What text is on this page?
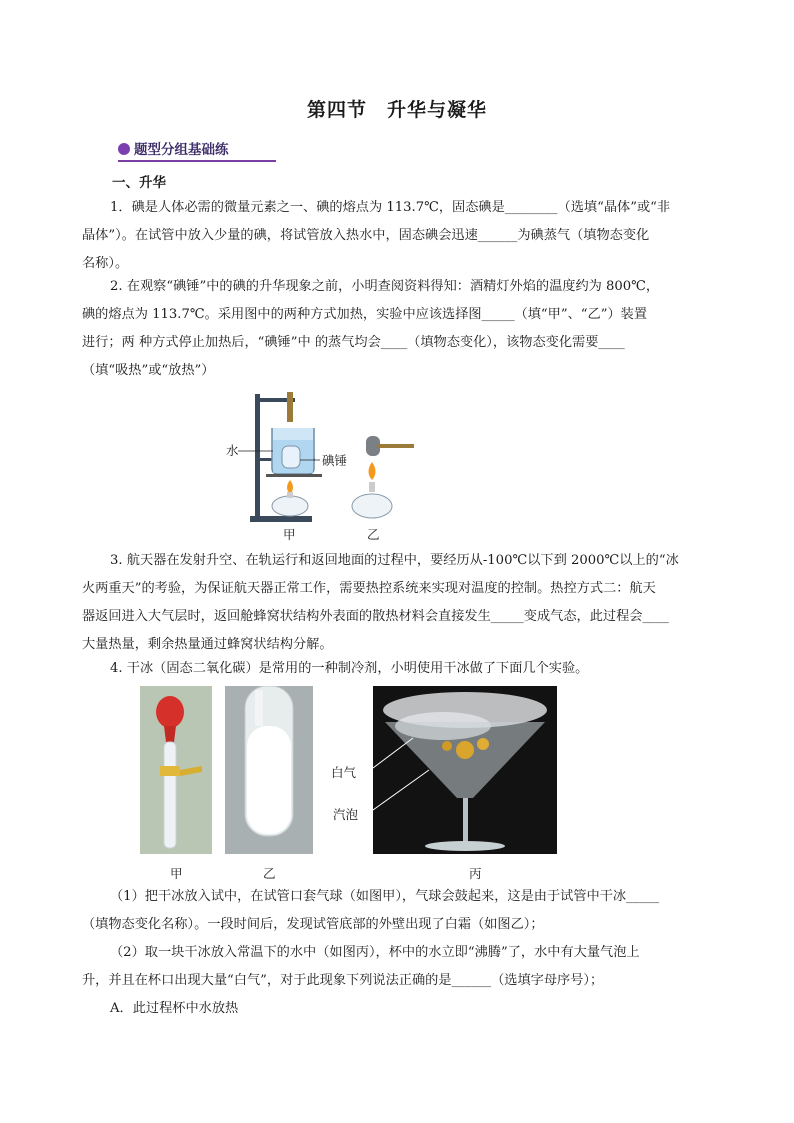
第四节　升华与凝华
题型分组基础练
一、升华
1．碘是人体必需的微量元素之一、碘的熔点为 113.7℃，固态碘是________（选填“晶体”或“非
晶体”）。在试管中放入少量的碘，将试管放入热水中，固态碘会迅速______为碘蒸气（填物态变化
名称）。
2. 在观察“碘锤”中的碘的升华现象之前，小明查阅资料得知：酒精灯外焰的温度约为 800℃，
碘的熔点为 113.7℃。采用图中的两种方式加热，实验中应该选择图_____（填“甲”、“乙”）装置
进行；两 种方式停止加热后，“碘锤”中 的蒸气均会____（填物态变化），该物态变化需要____
（填“吸热”或“放热”）
水
碘锤
甲	乙
3. 航天器在发射升空、在轨运行和返回地面的过程中，要经历从-100℃以下到 2000℃以上的“冰
火两重天”的考验，为保证航天器正常工作，需要热控系统来实现对温度的控制。热控方式二：航天
器返回进入大气层时，返回舱蜂窝状结构外表面的散热材料会直接发生_____变成气态，此过程会____
大量热量，剩余热量通过蜂窝状结构分解。
4. 干冰（固态二氧化碳）是常用的一种制冷剂，小明使用干冰做了下面几个实验。
白气
汽泡
甲	乙	丙
（1）把干冰放入试中，在试管口套气球（如图甲），气球会鼓起来，这是由于试管中干冰_____
（填物态变化名称）。一段时间后，发现试管底部的外壁出现了白霜（如图乙）；
（2）取一块干冰放入常温下的水中（如图丙），杯中的水立即“沸腾”了，水中有大量气泡上
升，并且在杯口出现大量“白气”，对于此现象下列说法正确的是______（选填字母序号）；
A．此过程杯中水放热
